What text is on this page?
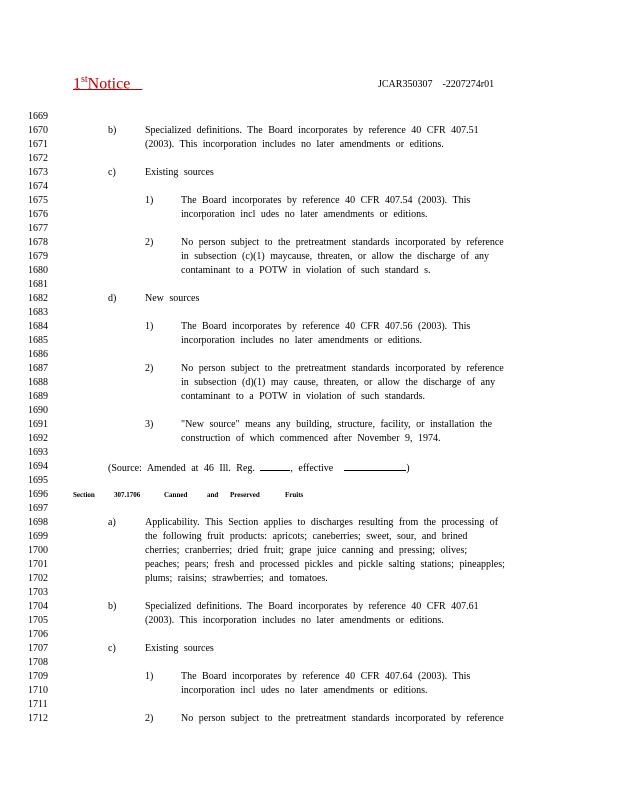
1stNotice	JCAR350307    -2207274r01
1669
1670
1671
1672
1673
1674
1675
1676
1677
1678
1679
1680
1681
1682
1683
1684
1685
1686
1687
1688
1689
1690
1691
1692
1693
1694
1695
1696
1697
1698
1699
1700
1701
1702
1703
1704
1705
1706
1707
1708
1709
1710
1711
1712
b)	Specialized definitions. The Board incorporates by reference 40 CFR 407.51
(2003). This incorporation includes no later amendments or editions.
c)	Existing sources
1)	The Board incorporates by reference 40 CFR 407.54 (2003). This
incorporation incl udes no later amendments or editions.
2)	No person subject to the pretreatment standards incorporated by reference
in subsection (c)(1) maycause, threaten, or allow the discharge of any
contaminant to a POTW in violation of such standard s.
d)	New sources
1)	The Board incorporates by reference 40 CFR 407.56 (2003). This
incorporation includes no later amendments or editions.
2)	No person subject to the pretreatment standards incorporated by reference
in subsection (d)(1) may cause, threaten, or allow the discharge of any
contaminant to a POTW in violation of such standards.
3)	"New source" means any building, structure, facility, or installation the
construction of which commenced after November 9, 1974.
(Source: Amended at 46 Ill. Reg.	, effective	)
Section	307.1706	Canned	and Preserved	Fruits
a)	Applicability. This Section applies to discharges resulting from the processing of
the following fruit products: apricots; caneberries; sweet, sour, and brined
cherries; cranberries; dried fruit; grape juice canning and pressing; olives;
peaches; pears; fresh and processed pickles and pickle salting stations; pineapples;
plums; raisins; strawberries; and tomatoes.
b)	Specialized definitions. The Board incorporates by reference 40 CFR 407.61
(2003). This incorporation includes no later amendments or editions.
c)	Existing sources
1)	The Board incorporates by reference 40 CFR 407.64 (2003). This
incorporation incl udes no later amendments or editions.
2)	No person subject to the pretreatment standards incorporated by reference
